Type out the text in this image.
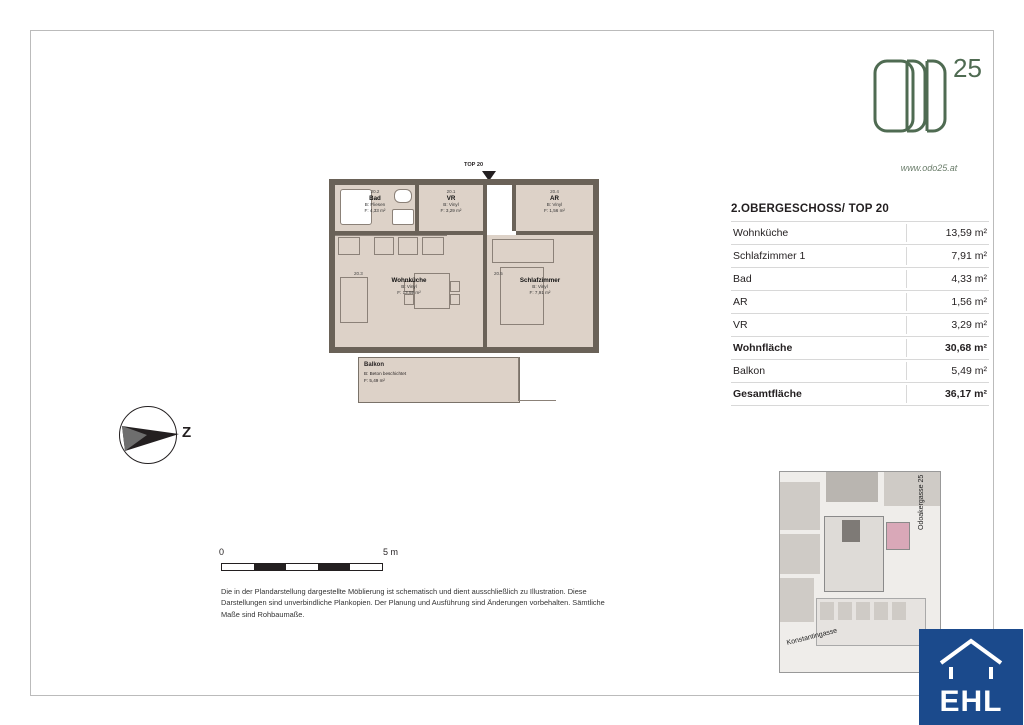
25
www.odo25.at
2.OBERGESCHOSS/ TOP 20
Wohnküche		13,59 m²
Schlafzimmer 1		7,91 m²
Bad		4,33 m²
AR		1,56 m²
VR		3,29 m²
Wohnfläche		30,68 m²
Balkon		5,49 m²
Gesamtfläche		36,17 m²
TOP 20
20.2
Bad
B: Fliesen
F: 4,33 m²
20.1
VR
B: Vinyl
F: 3,29 m²
20.4
AR
B: Vinyl
F: 1,56 m²
20.3
Wohnküche
B: Vinyl
F: 13,59 m²
20.5
Schlafzimmer
B: Vinyl
F: 7,91 m²
Balkon
B: Beton beschichtet
F: 5,49 m²
Z
0	5 m
Die in der Plandarstellung dargestellte Möblierung ist schematisch und dient ausschließlich zu Illustration. Diese Darstellungen sind unverbindliche Plankopien. Der Planung und Ausführung sind Änderungen vorbehalten. Sämtliche Maße sind Rohbaumaße.
Odoakergasse 25
Konstantingasse
EHL
